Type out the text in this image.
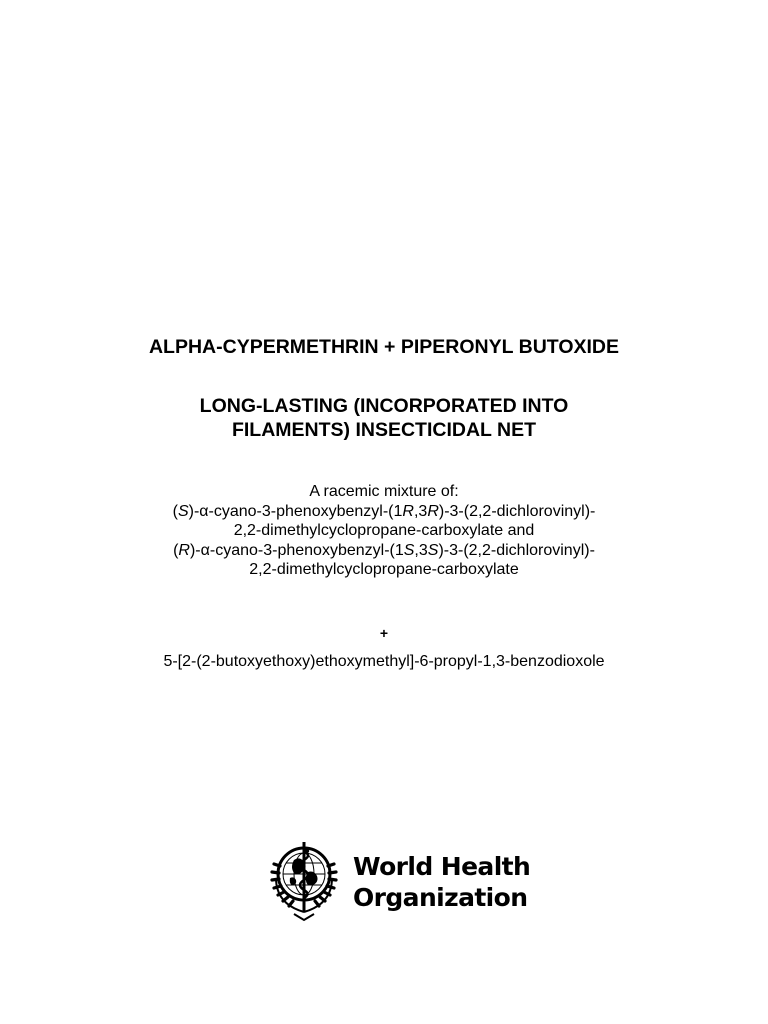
ALPHA-CYPERMETHRIN + PIPERONYL BUTOXIDE
LONG-LASTING (INCORPORATED INTO
FILAMENTS) INSECTICIDAL NET
A racemic mixture of:
(S)-α-cyano-3-phenoxybenzyl-(1R,3R)-3-(2,2-dichlorovinyl)-
2,2-dimethylcyclopropane-carboxylate and
(R)-α-cyano-3-phenoxybenzyl-(1S,3S)-3-(2,2-dichlorovinyl)-
2,2-dimethylcyclopropane-carboxylate
+
5-[2-(2-butoxyethoxy)ethoxymethyl]-6-propyl-1,3-benzodioxole
World Health
Organization
